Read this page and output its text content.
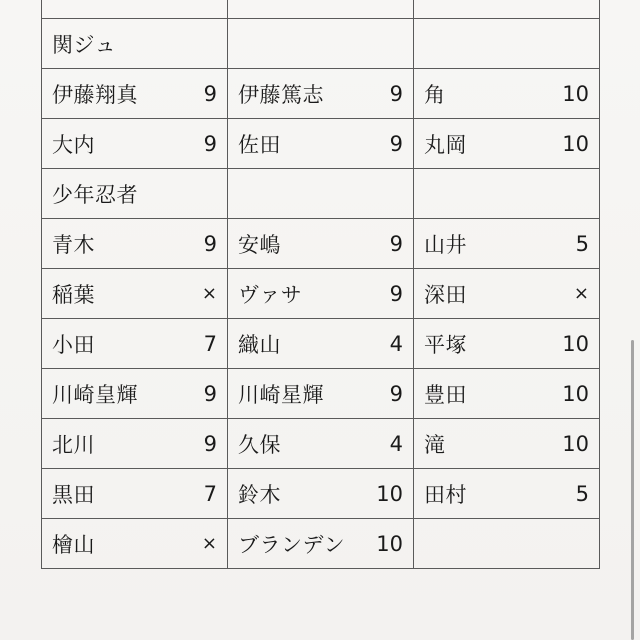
関ジュ		

伊藤翔真 9	伊藤篤志 9	角 10

大内 9	佐田 9	丸岡 10

少年忍者		

青木 9	安嶋 9	山井 5

稲葉 ×	ヴァサ 9	深田 ×

小田 7	織山 4	平塚 10

川崎皇輝 9	川崎星輝 9	豊田 10

北川 9	久保 4	滝 10

黒田 7	鈴木 10	田村 5

檜山 ×	ブランデン 10	
